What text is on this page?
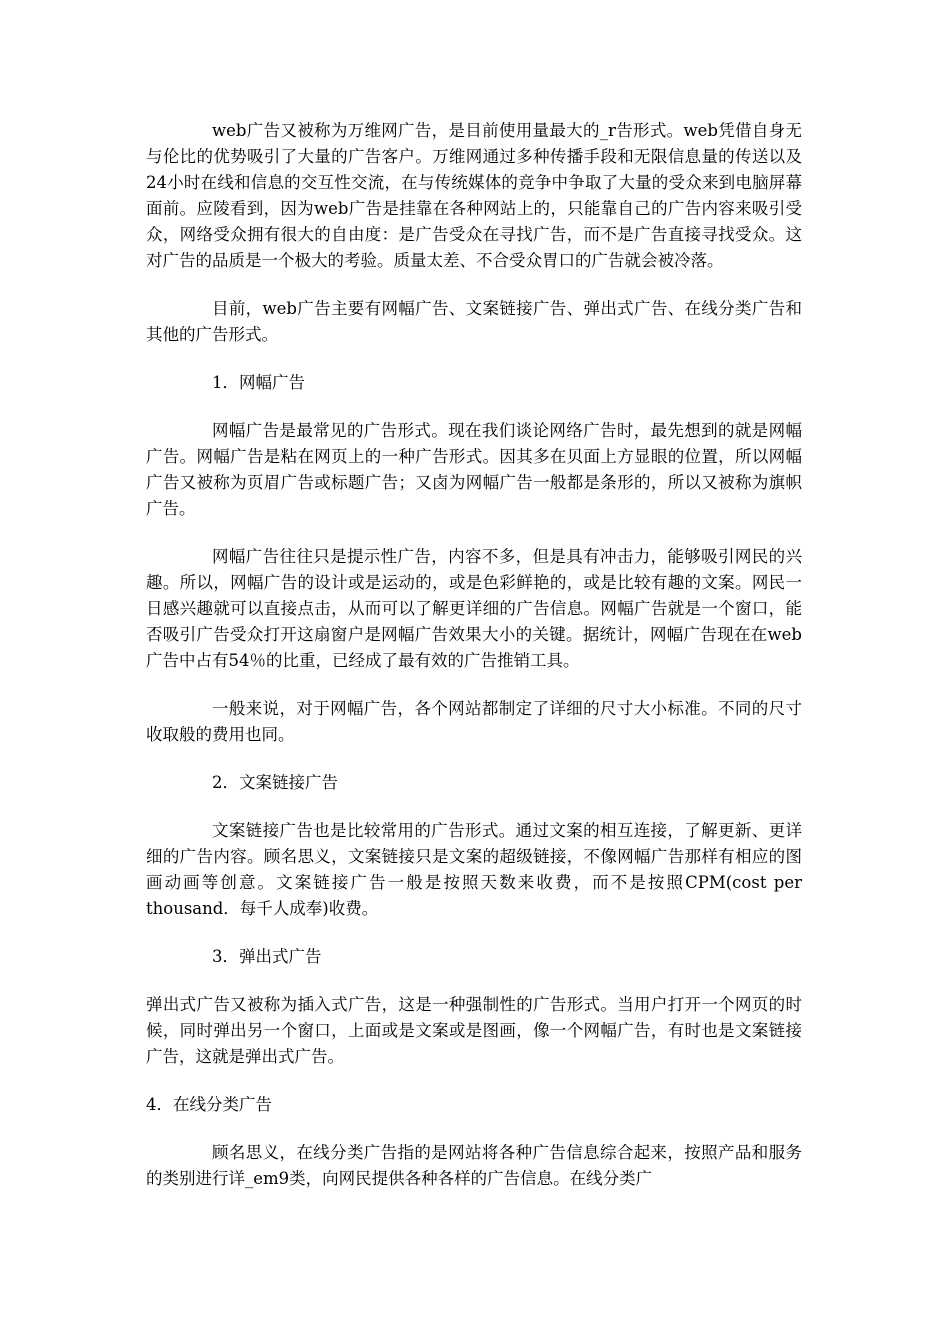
web广告又被称为万维网广告，是目前使用量最大的_r告形式。web凭借自身无与伦比的优势吸引了大量的广告客户。万维网通过多种传播手段和无限信息量的传送以及24小时在线和信息的交互性交流，在与传统媒体的竞争中争取了大量的受众来到电脑屏幕面前。应陵看到，因为web广告是挂靠在各种网站上的，只能靠自己的广告内容来吸引受众，网络受众拥有很大的自由度：是广告受众在寻找广告，而不是广告直接寻找受众。这对广告的品质是一个极大的考验。质量太差、不合受众胃口的广告就会被冷落。

目前，web广告主要有网幅广告、文案链接广告、弹出式广告、在线分类广告和其他的广告形式。

1．网幅广告

网幅广告是最常见的广告形式。现在我们谈论网络广告时，最先想到的就是网幅广告。网幅广告是粘在网页上的一种广告形式。因其多在贝面上方显眼的位置，所以网幅广告又被称为页眉广告或标题广告；又卤为网幅广告一般都是条形的，所以又被称为旗帜广告。

网幅广告往往只是提示性广告，内容不多，但是具有冲击力，能够吸引网民的兴趣。所以，网幅广告的设计或是运动的，或是色彩鲜艳的，或是比较有趣的文案。网民一日感兴趣就可以直接点击，从而可以了解更详细的广告信息。网幅广告就是一个窗口，能否吸引广告受众打开这扇窗户是网幅广告效果大小的关键。据统计，网幅广告现在在web广告中占有54％的比重，已经成了最有效的广告推销工具。

一般来说，对于网幅广告，各个网站都制定了详细的尺寸大小标准。不同的尺寸收取般的费用也同。

2．文案链接广告

文案链接广告也是比较常用的广告形式。通过文案的相互连接，了解更新、更详细的广告内容。顾名思义，文案链接只是文案的超级链接，不像网幅广告那样有相应的图画动画等创意。文案链接广告一般是按照天数来收费，而不是按照CPM(cost per thousand．每千人成奉)收费。

3．弹出式广告

弹出式广告又被称为插入式广告，这是一种强制性的广告形式。当用户打开一个网页的时候，同时弹出另一个窗口，上面或是文案或是图画，像一个网幅广告，有时也是文案链接广告，这就是弹出式广告。

4．在线分类广告

顾名思义，在线分类广告指的是网站将各种广告信息综合起来，按照产品和服务的类别进行详_em9类，向网民提供各种各样的广告信息。在线分类广
